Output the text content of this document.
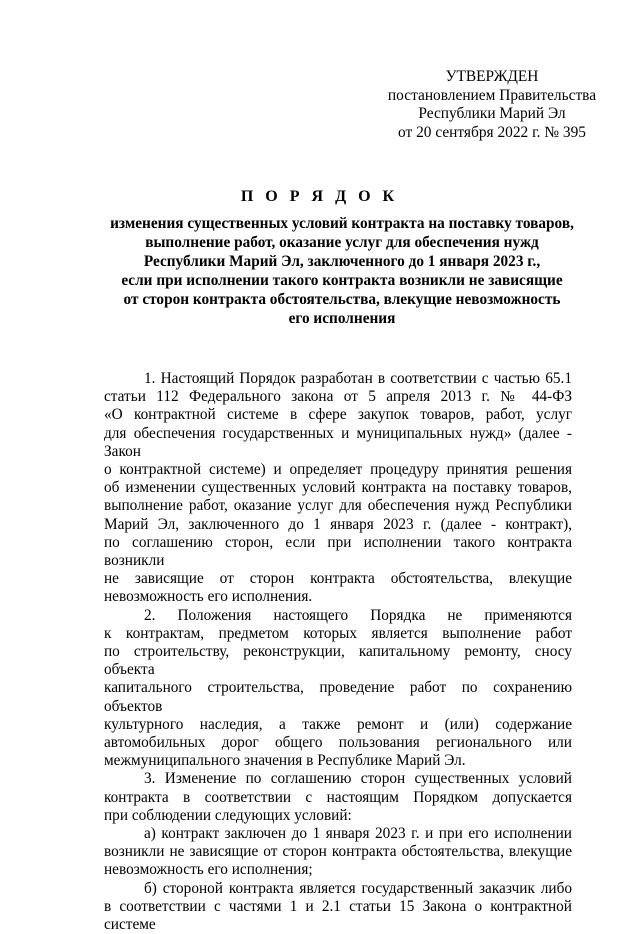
УТВЕРЖДЕН
постановлением Правительства
Республики Марий Эл
от 20 сентября 2022 г. № 395
П О Р Я Д О К
изменения существенных условий контракта на поставку товаров,
выполнение работ, оказание услуг для обеспечения нужд
Республики Марий Эл, заключенного до 1 января 2023 г.,
если при исполнении такого контракта возникли не зависящие
от сторон контракта обстоятельства, влекущие невозможность
его исполнения
1. Настоящий Порядок разработан в соответствии с частью 65.1
статьи 112 Федерального закона от 5 апреля 2013 г. № 44-ФЗ
«О контрактной системе в сфере закупок товаров, работ, услуг
для обеспечения государственных и муниципальных нужд» (далее - Закон
о контрактной системе) и определяет процедуру принятия решения
об изменении существенных условий контракта на поставку товаров,
выполнение работ, оказание услуг для обеспечения нужд Республики
Марий Эл, заключенного до 1 января 2023 г. (далее - контракт),
по соглашению сторон, если при исполнении такого контракта возникли
не зависящие от сторон контракта обстоятельства, влекущие
невозможность его исполнения.
2. Положения настоящего Порядка не применяются
к контрактам, предметом которых является выполнение работ
по строительству, реконструкции, капитальному ремонту, сносу объекта
капитального строительства, проведение работ по сохранению объектов
культурного наследия, а также ремонт и (или) содержание
автомобильных дорог общего пользования регионального или
межмуниципального значения в Республике Марий Эл.
3. Изменение по соглашению сторон существенных условий
контракта в соответствии с настоящим Порядком допускается
при соблюдении следующих условий:
а) контракт заключен до 1 января 2023 г. и при его исполнении
возникли не зависящие от сторон контракта обстоятельства, влекущие
невозможность его исполнения;
б) стороной контракта является государственный заказчик либо
в соответствии с частями 1 и 2.1 статьи 15 Закона о контрактной системе
